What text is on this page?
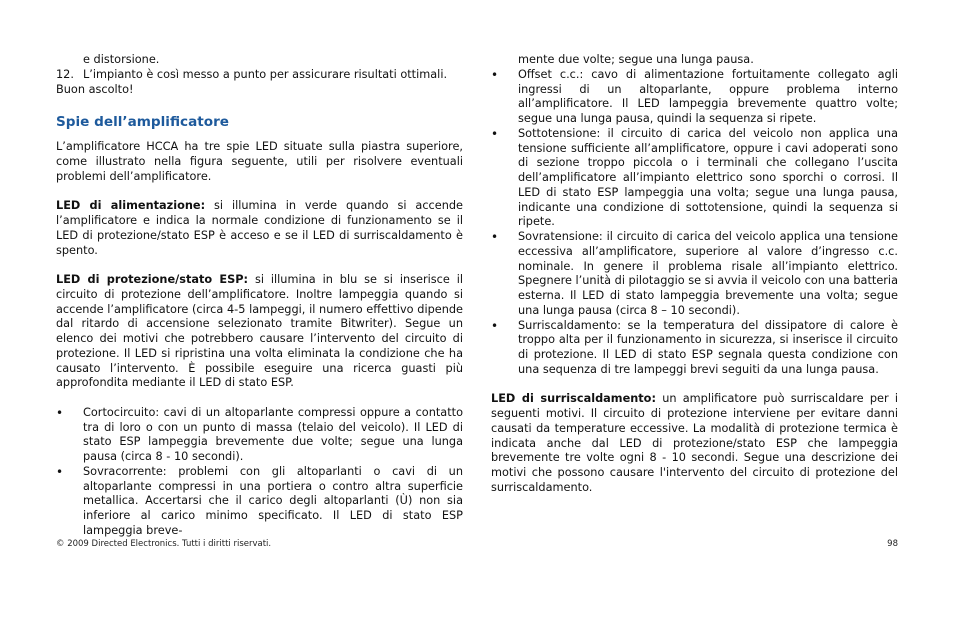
e distorsione.

12. L’impianto è così messo a punto per assicurare risultati ottimali.

Buon ascolto!

Spie dell’amplificatore

L’amplificatore HCCA ha tre spie LED situate sulla piastra superiore, come illustrato nella figura seguente, utili per risolvere eventuali problemi dell’amplificatore.

LED di alimentazione: si illumina in verde quando si accende l’amplificatore e indica la normale condizione di funzionamento se il LED di protezione/stato ESP è acceso e se il LED di surriscaldamento è spento.

LED di protezione/stato ESP: si illumina in blu se si inserisce il circuito di protezione dell’amplificatore. Inoltre lampeggia quando si accende l’amplificatore (circa 4-5 lampeggi, il numero effettivo dipende dal ritardo di accensione selezionato tramite Bitwriter). Segue un elenco dei motivi che potrebbero causare l’intervento del circuito di protezione. Il LED si ripristina una volta eliminata la condizione che ha causato l’intervento. È possibile eseguire una ricerca guasti più approfondita mediante il LED di stato ESP.

• Cortocircuito: cavi di un altoparlante compressi oppure a contatto tra di loro o con un punto di massa (telaio del veicolo). Il LED di stato ESP lampeggia brevemente due volte; segue una lunga pausa (circa 8 - 10 secondi).
• Sovracorrente: problemi con gli altoparlanti o cavi di un altoparlante compressi in una portiera o contro altra superficie metallica. Accertarsi che il carico degli altoparlanti (Ù) non sia inferiore al carico minimo specificato. Il LED di stato ESP lampeggia breve-

mente due volte; segue una lunga pausa.

• Offset c.c.: cavo di alimentazione fortuitamente collegato agli ingressi di un altoparlante, oppure problema interno all’amplificatore. Il LED lampeggia brevemente quattro volte; segue una lunga pausa, quindi la sequenza si ripete.
• Sottotensione: il circuito di carica del veicolo non applica una tensione sufficiente all’amplificatore, oppure i cavi adoperati sono di sezione troppo piccola o i terminali che collegano l’uscita dell’amplificatore all’impianto elettrico sono sporchi o corrosi. Il LED di stato ESP lampeggia una volta; segue una lunga pausa, indicante una condizione di sottotensione, quindi la sequenza si ripete.
• Sovratensione: il circuito di carica del veicolo applica una tensione eccessiva all’amplificatore, superiore al valore d’ingresso c.c. nominale. In genere il problema risale all’impianto elettrico. Spegnere l’unità di pilotaggio se si avvia il veicolo con una batteria esterna. Il LED di stato lampeggia brevemente una volta; segue una lunga pausa (circa 8 – 10 secondi).
• Surriscaldamento: se la temperatura del dissipatore di calore è troppo alta per il funzionamento in sicurezza, si inserisce il circuito di protezione. Il LED di stato ESP segnala questa condizione con una sequenza di tre lampeggi brevi seguiti da una lunga pausa.

LED di surriscaldamento: un amplificatore può surriscaldare per i seguenti motivi. Il circuito di protezione interviene per evitare danni causati da temperature eccessive. La modalità di protezione termica è indicata anche dal LED di protezione/stato ESP che lampeggia brevemente tre volte ogni 8 - 10 secondi. Segue una descrizione dei motivi che possono causare l'intervento del circuito di protezione del surriscaldamento.

© 2009 Directed Electronics. Tutti i diritti riservati.	98
